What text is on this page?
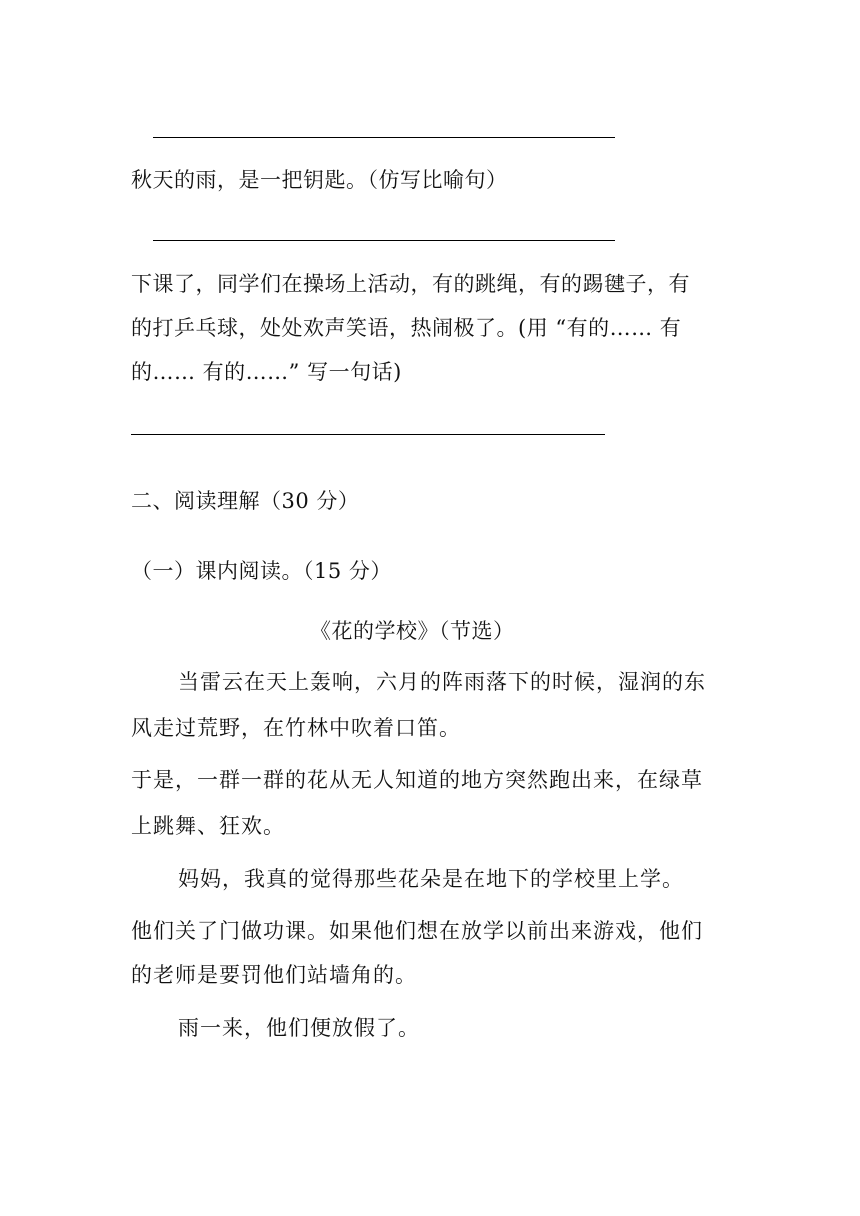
秋天的雨，是一把钥匙。（仿写比喻句）
下课了，同学们在操场上活动，有的跳绳，有的踢毽子，有
的打乒乓球，处处欢声笑语，热闹极了。(用 “有的…… 有
的…… 有的……” 写一句话)
二、阅读理解（30 分）
（一）课内阅读。（15 分）
《花的学校》（节选）
当雷云在天上轰响，六月的阵雨落下的时候，湿润的东
风走过荒野，在竹林中吹着口笛。
于是，一群一群的花从无人知道的地方突然跑出来，在绿草
上跳舞、狂欢。
妈妈，我真的觉得那些花朵是在地下的学校里上学。
他们关了门做功课。如果他们想在放学以前出来游戏，他们
的老师是要罚他们站墙角的。
雨一来，他们便放假了。
